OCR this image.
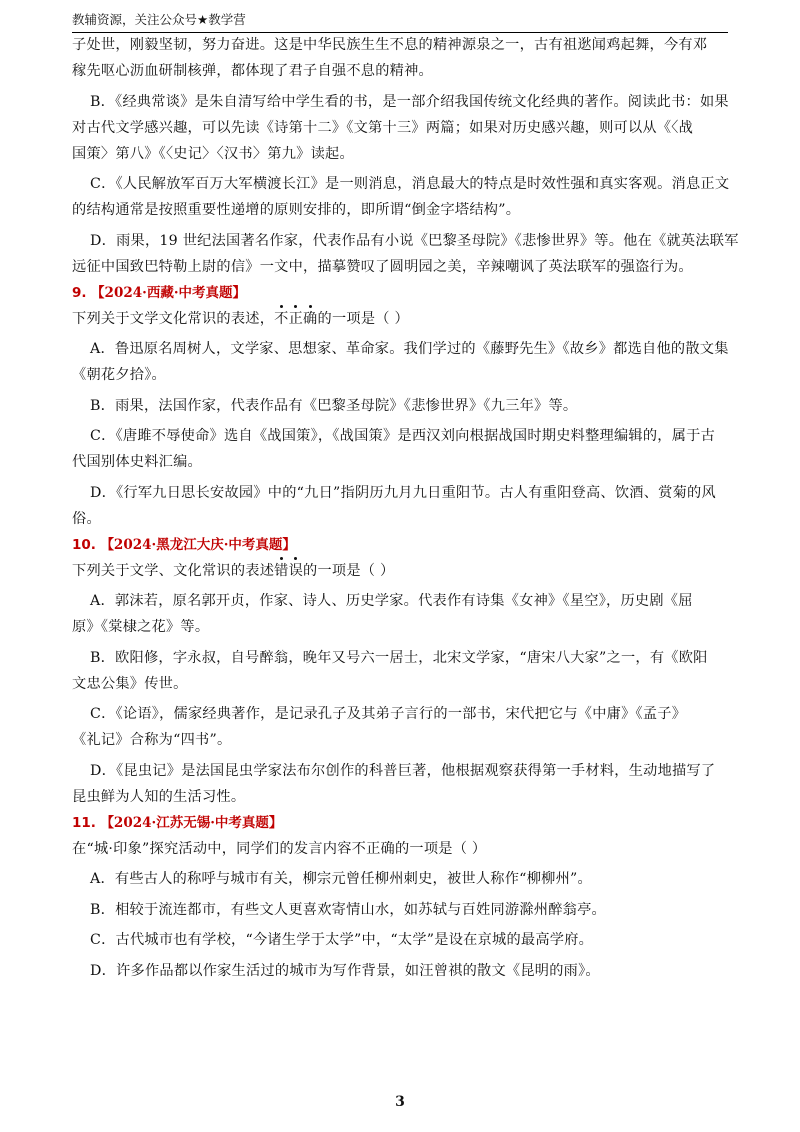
教辅资源，关注公众号★教学营
子处世，刚毅坚韧，努力奋进。这是中华民族生生不息的精神源泉之一，古有祖逖闻鸡起舞，今有邓
稼先呕心沥血研制核弹，都体现了君子自强不息的精神。
B．《经典常谈》是朱自清写给中学生看的书，是一部介绍我国传统文化经典的著作。阅读此书：如果
对古代文学感兴趣，可以先读《诗第十二》《文第十三》两篇；如果对历史感兴趣，则可以从《〈战
国策〉第八》《〈史记〉〈汉书〉第九》读起。
C．《人民解放军百万大军横渡长江》是一则消息，消息最大的特点是时效性强和真实客观。消息正文
的结构通常是按照重要性递增的原则安排的，即所谓“倒金字塔结构”。
D．雨果，19 世纪法国著名作家，代表作品有小说《巴黎圣母院》《悲惨世界》等。他在《就英法联军
远征中国致巴特勒上尉的信》一文中，描摹赞叹了圆明园之美，辛辣嘲讽了英法联军的强盗行为。
9. 【2024·西藏·中考真题】
下列关于文学文化常识的表述，不正确的一项是（ ）
A．鲁迅原名周树人，文学家、思想家、革命家。我们学过的《藤野先生》《故乡》都选自他的散文集
《朝花夕拾》。
B．雨果，法国作家，代表作品有《巴黎圣母院》《悲惨世界》《九三年》等。
C．《唐雎不辱使命》选自《战国策》，《战国策》是西汉刘向根据战国时期史料整理编辑的，属于古
代国别体史料汇编。
D．《行军九日思长安故园》中的“九日”指阴历九月九日重阳节。古人有重阳登高、饮酒、赏菊的风
俗。
10. 【2024·黑龙江大庆·中考真题】
下列关于文学、文化常识的表述错误的一项是（ ）
A．郭沫若，原名郭开贞，作家、诗人、历史学家。代表作有诗集《女神》《星空》，历史剧《屈
原》《棠棣之花》等。
B．欧阳修，字永叔，自号醉翁，晚年又号六一居士，北宋文学家，“唐宋八大家”之一，有《欧阳
文忠公集》传世。
C．《论语》，儒家经典著作，是记录孔子及其弟子言行的一部书，宋代把它与《中庸》《孟子》
《礼记》合称为“四书”。
D．《昆虫记》是法国昆虫学家法布尔创作的科普巨著，他根据观察获得第一手材料，生动地描写了
昆虫鲜为人知的生活习性。
11. 【2024·江苏无锡·中考真题】
在“城·印象”探究活动中，同学们的发言内容不正确的一项是（ ）
A．有些古人的称呼与城市有关，柳宗元曾任柳州刺史，被世人称作“柳柳州”。
B．相较于流连都市，有些文人更喜欢寄情山水，如苏轼与百姓同游滁州醉翁亭。
C．古代城市也有学校，“今诸生学于太学”中，“太学”是设在京城的最高学府。
D．许多作品都以作家生活过的城市为写作背景，如汪曾祺的散文《昆明的雨》。
3
